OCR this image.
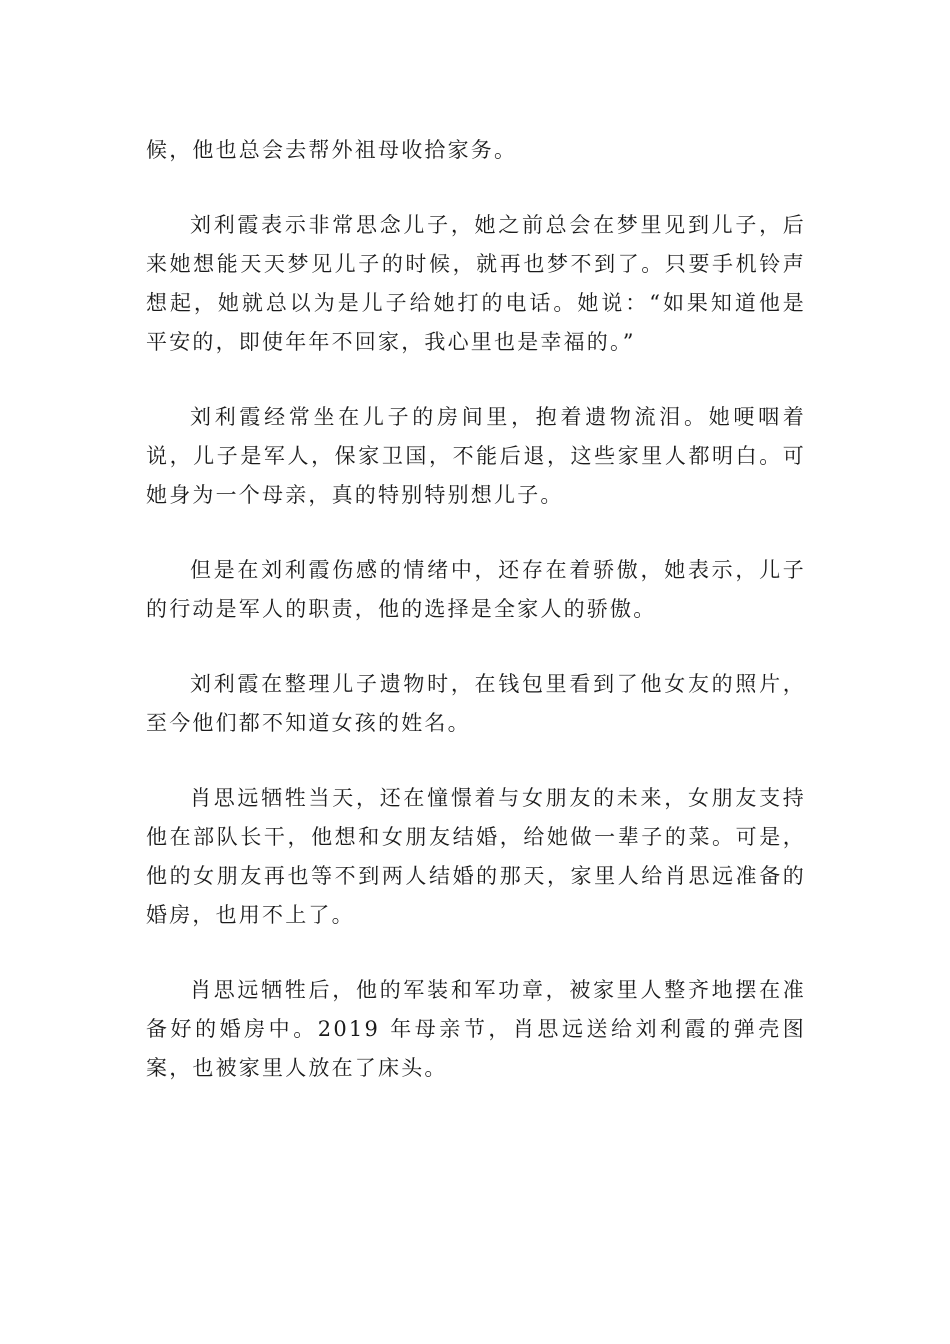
候，他也总会去帮外祖母收拾家务。

刘利霞表示非常思念儿子，她之前总会在梦里见到儿子，后来她想能天天梦见儿子的时候，就再也梦不到了。只要手机铃声想起，她就总以为是儿子给她打的电话。她说：“如果知道他是平安的，即使年年不回家，我心里也是幸福的。”

刘利霞经常坐在儿子的房间里，抱着遗物流泪。她哽咽着说，儿子是军人，保家卫国，不能后退，这些家里人都明白。可她身为一个母亲，真的特别特别想儿子。

但是在刘利霞伤感的情绪中，还存在着骄傲，她表示，儿子的行动是军人的职责，他的选择是全家人的骄傲。

刘利霞在整理儿子遗物时，在钱包里看到了他女友的照片，至今他们都不知道女孩的姓名。

肖思远牺牲当天，还在憧憬着与女朋友的未来，女朋友支持他在部队长干，他想和女朋友结婚，给她做一辈子的菜。可是，他的女朋友再也等不到两人结婚的那天，家里人给肖思远准备的婚房，也用不上了。

肖思远牺牲后，他的军装和军功章，被家里人整齐地摆在准备好的婚房中。2019 年母亲节，肖思远送给刘利霞的弹壳图案，也被家里人放在了床头。
